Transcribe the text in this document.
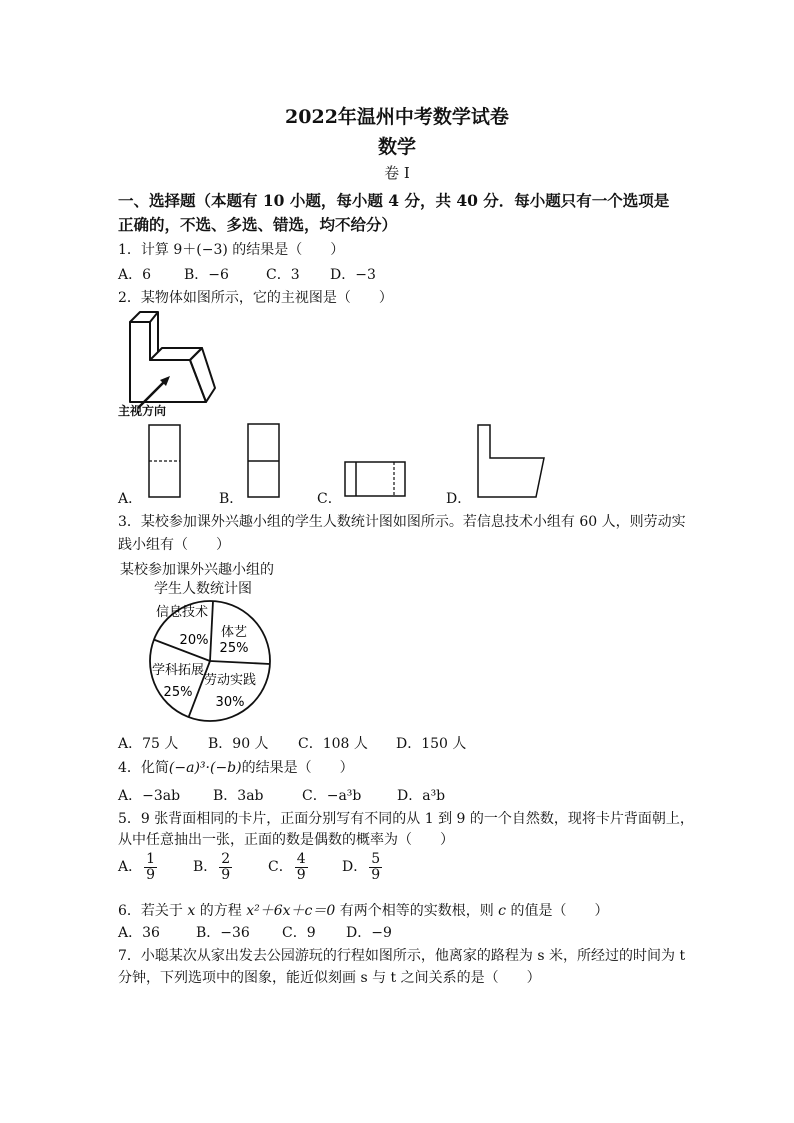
2022年温州中考数学试卷
数学
卷 I
一、选择题（本题有 10 小题，每小题 4 分，共 40 分．每小题只有一个选项是
正确的，不选、多选、错选，均不给分）
1．计算 9＋(−3) 的结果是（　　）
A．6 B．−6	C．3 D．−3
2．某物体如图所示，它的主视图是（　　）
主视方向
A．	B．	C．	D．
3．某校参加课外兴趣小组的学生人数统计图如图所示。若信息技术小组有 60 人，则劳动实
践小组有（　　）
某校参加课外兴趣小组的
学生人数统计图
信息技术
20%
体艺
25%
劳动实践
30%
学科拓展
25%
A．75 人 B．90 人 C．108 人 D．150 人
4．化简(−a)³·(−b)的结果是（　　）
A．−3ab B．3ab	C．−a³b	D．a³b
5．9 张背面相同的卡片，正面分别写有不同的从 1 到 9 的一个自然数，现将卡片背面朝上，
从中任意抽出一张，正面的数是偶数的概率为（　　）
A． $\frac{1}{9}$	B． $\frac{2}{9}$	C． $\frac{4}{9}$ D． $\frac{5}{9}$
6．若关于 x 的方程 x²＋6x＋c＝0 有两个相等的实数根，则 c 的值是（　　）
A．36	B．−36 C．9 D．−9
7．小聪某次从家出发去公园游玩的行程如图所示，他离家的路程为 s 米，所经过的时间为 t
分钟，下列选项中的图象，能近似刻画 s 与 t 之间关系的是（　　）
